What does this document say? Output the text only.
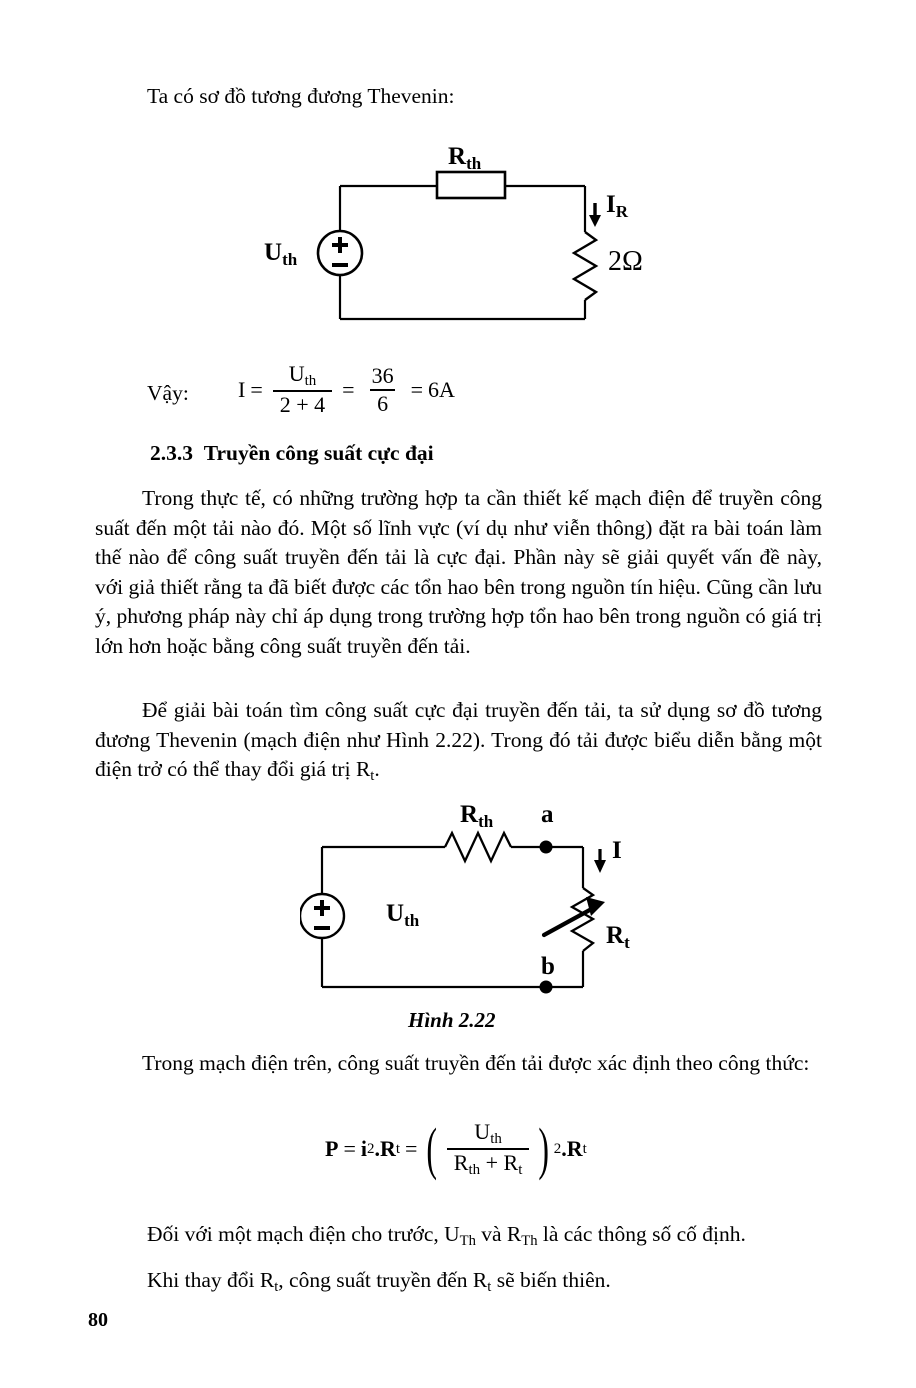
Ta có sơ đồ tương đương Thevenin:
$U_{th}$
$R_{th}$
$I_R$
2Ω
Vậy: $I = \frac{U_{th}}{2 + 4} = \frac{36}{6} = 6A$
2.3.3 Truyền công suất cực đại
Trong thực tế, có những trường hợp ta cần thiết kế mạch điện để truyền công suất đến một tải nào đó. Một số lĩnh vực (ví dụ như viễn thông) đặt ra bài toán làm thế nào để công suất truyền đến tải là cực đại. Phần này sẽ giải quyết vấn đề này, với giả thiết rằng ta đã biết được các tổn hao bên trong nguồn tín hiệu. Cũng cần lưu ý, phương pháp này chỉ áp dụng trong trường hợp tổn hao bên trong nguồn có giá trị lớn hơn hoặc bằng công suất truyền đến tải.

Để giải bài toán tìm công suất cực đại truyền đến tải, ta sử dụng sơ đồ tương đương Thevenin (mạch điện như Hình 2.22). Trong đó tải được biểu diễn bằng một điện trở có thể thay đổi giá trị $R_t$.

$R_{th}$ a
b
I
$R_t$
$U_{th}$
Hình 2.22
Trong mạch điện trên, công suất truyền đến tải được xác định theo công thức:
P = i 2 .R t = ( $\frac{U_{th}}{R_{th} + R_t}$ ) 2 .R t
Đối với một mạch điện cho trước, $U_{Th}$ và $R_{Th}$ là các thông số cố định.
Khi thay đổi $R_t$, công suất truyền đến $R_t$ sẽ biến thiên.
80
